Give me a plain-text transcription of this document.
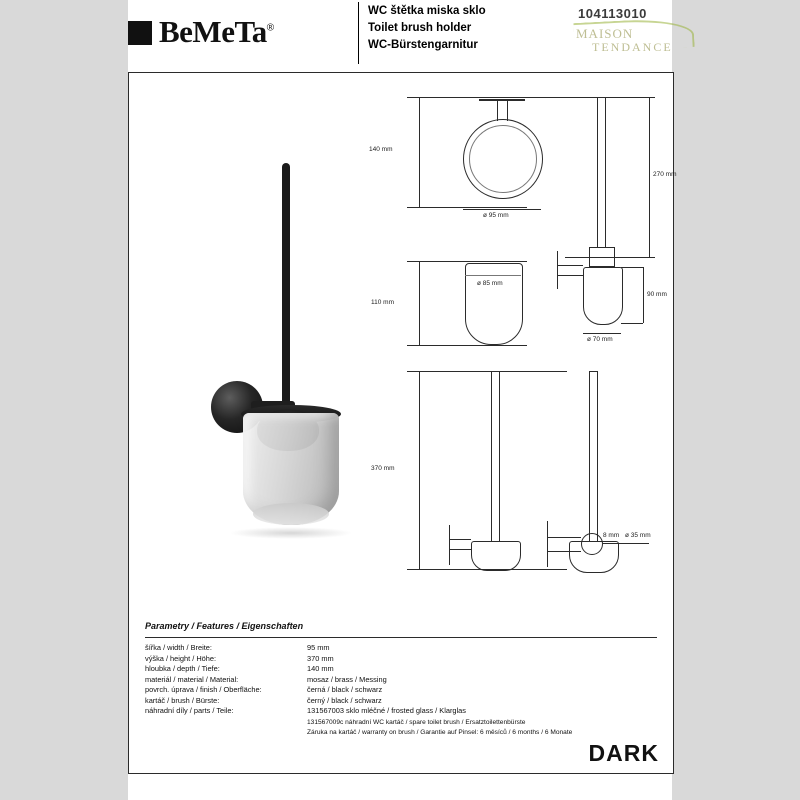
BeMeTa®
WC štětka miska sklo
Toilet brush holder
WC-Bürstengarnitur
104113010
MAISON
TENDANCE
140 mm
ø 95 mm
270 mm
90 mm
ø 70 mm
110 mm
ø 85 mm
370 mm
8 mm ø 35 mm
Parametry / Features / Eigenschaften
šířka / width / Breite:	95 mm
výška / height / Höhe:	370 mm
hloubka / depth / Tiefe:	140 mm
materiál / material / Material:	mosaz / brass / Messing
povrch. úprava / finish / Oberfläche:	černá / black / schwarz
kartáč / brush / Bürste:	černý / black / schwarz
náhradní díly / parts / Teile:	131567003 sklo mléčné / frosted glass / Klarglas
131567009c náhradní WC kartáč / spare toilet brush / Ersatztoilettenbürste
Záruka na kartáč / warranty on brush / Garantie auf Pinsel: 6 měsíců / 6 months / 6 Monate
DARK
